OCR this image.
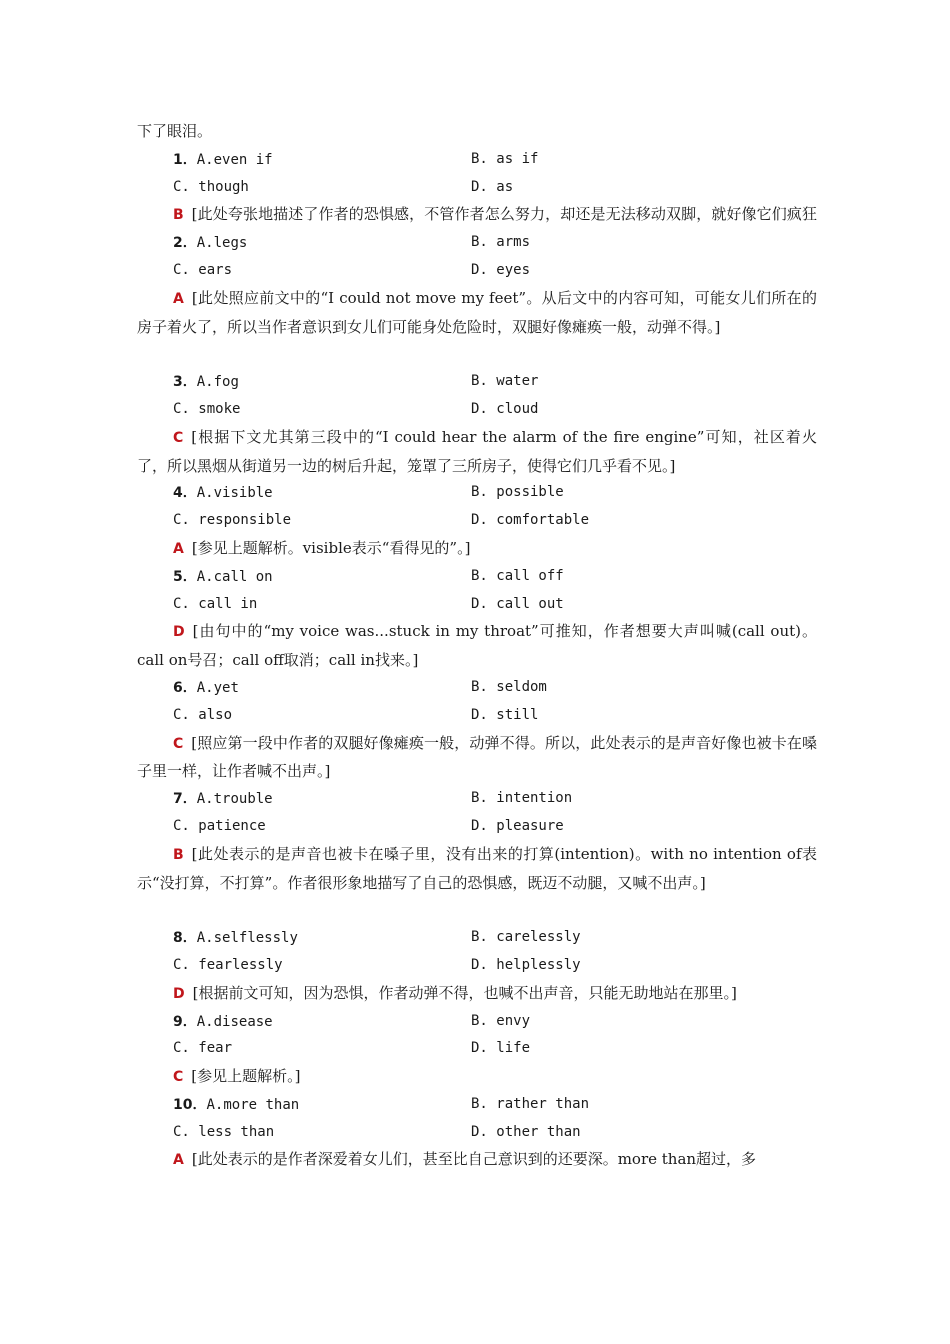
下了眼泪。
1．A.even if	B. as if
C. though	D. as
B [此处夸张地描述了作者的恐惧感，不管作者怎么努力，却还是无法移动双脚，就好像它们疯狂
2．A.legs	B. arms
C. ears	D. eyes
A [此处照应前文中的“I could not move my feet”。从后文中的内容可知，可能女儿们所在的房子着火了，所以当作者意识到女儿们可能身处危险时，双腿好像瘫痪一般，动弹不得。]
3．A.fog	B. water
C. smoke	D. cloud
C [根据下文尤其第三段中的“I could hear the alarm of the fire engine”可知，社区着火了，所以黑烟从街道另一边的树后升起，笼罩了三所房子，使得它们几乎看不见。]
4．A.visible	B. possible
C. responsible	D. comfortable
A [参见上题解析。visible表示“看得见的”。]
5．A.call on	B. call off
C. call in	D. call out
D [由句中的“my voice was...stuck in my throat”可推知，作者想要大声叫喊(call out)。call on号召；call off取消；call in找来。]
6．A.yet	B. seldom
C. also	D. still
C [照应第一段中作者的双腿好像瘫痪一般，动弹不得。所以，此处表示的是声音好像也被卡在嗓子里一样，让作者喊不出声。]
7．A.trouble	B. intention
C. patience	D. pleasure
B [此处表示的是声音也被卡在嗓子里，没有出来的打算(intention)。with no intention of表示“没打算，不打算”。作者很形象地描写了自己的恐惧感，既迈不动腿，又喊不出声。]
8．A.selflessly	B. carelessly
C. fearlessly	D. helplessly
D [根据前文可知，因为恐惧，作者动弹不得，也喊不出声音，只能无助地站在那里。]
9．A.disease	B. envy
C. fear	D. life
C [参见上题解析。]
10．A.more than	B. rather than
C. less than	D. other than
A [此处表示的是作者深爱着女儿们，甚至比自己意识到的还要深。more than超过，多
